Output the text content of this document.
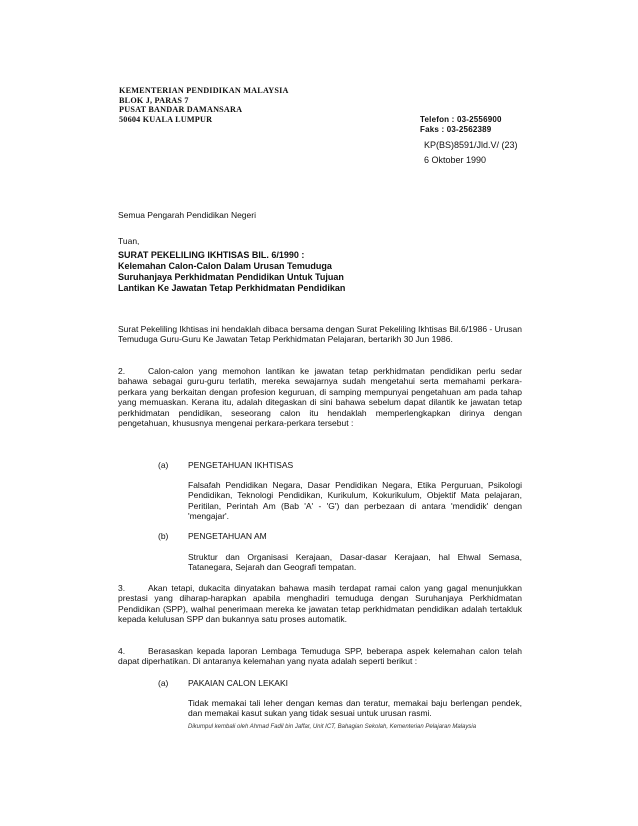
KEMENTERIAN PENDIDIKAN MALAYSIA
BLOK J, PARAS 7
PUSAT BANDAR DAMANSARA
50604 KUALA LUMPUR	Telefon : 03-2556900
Faks : 03-2562389
KP(BS)8591/Jld.V/ (23)
6 Oktober 1990
Semua Pengarah Pendidikan Negeri
Tuan,
SURAT PEKELILING IKHTISAS BIL. 6/1990 :
Kelemahan Calon-Calon Dalam Urusan Temuduga
Suruhanjaya Perkhidmatan Pendidikan Untuk Tujuan
Lantikan Ke Jawatan Tetap Perkhidmatan Pendidikan
Surat Pekeliling Ikhtisas ini hendaklah dibaca bersama dengan Surat Pekeliling Ikhtisas Bil.6/1986 - Urusan Temuduga Guru-Guru Ke Jawatan Tetap Perkhidmatan Pelajaran, bertarikh 30 Jun 1986.
2.	Calon-calon yang memohon lantikan ke jawatan tetap perkhidmatan pendidikan perlu sedar bahawa sebagai guru-guru terlatih, mereka sewajarnya sudah mengetahui serta memahami perkara-perkara yang berkaitan dengan profesion keguruan, di samping mempunyai pengetahuan am pada tahap yang memuaskan. Kerana itu, adalah ditegaskan di sini bahawa sebelum dapat dilantik ke jawatan tetap perkhidmatan pendidikan, seseorang calon itu hendaklah memperlengkapkan dirinya dengan pengetahuan, khususnya mengenai perkara-perkara tersebut :
(a) PENGETAHUAN IKHTISAS
Falsafah Pendidikan Negara, Dasar Pendidikan Negara, Etika Perguruan, Psikologi Pendidikan, Teknologi Pendidikan, Kurikulum, Kokurikulum, Objektif Mata pelajaran, Peritilan, Perintah Am (Bab 'A' - 'G') dan perbezaan di antara 'mendidik' dengan 'mengajar'.
(b) PENGETAHUAN AM
Struktur dan Organisasi Kerajaan, Dasar-dasar Kerajaan, hal Ehwal Semasa, Tatanegara, Sejarah dan Geografi tempatan.
3.	Akan tetapi, dukacita dinyatakan bahawa masih terdapat ramai calon yang gagal menunjukkan prestasi yang diharap-harapkan apabila menghadiri temuduga dengan Suruhanjaya Perkhidmatan Pendidikan (SPP), walhal penerimaan mereka ke jawatan tetap perkhidmatan pendidikan adalah tertakluk kepada kelulusan SPP dan bukannya satu proses automatik.
4.	Berasaskan kepada laporan Lembaga Temuduga SPP, beberapa aspek kelemahan calon telah dapat diperhatikan. Di antaranya kelemahan yang nyata adalah seperti berikut :
(a) PAKAIAN CALON LEKAKI
Tidak memakai tali leher dengan kemas dan teratur, memakai baju berlengan pendek, dan memakai kasut sukan yang tidak sesuai untuk urusan rasmi.
Dikumpul kembali oleh Ahmad Fadil bin Jaffar, Unit ICT, Bahagian Sekolah, Kementerian Pelajaran Malaysia
